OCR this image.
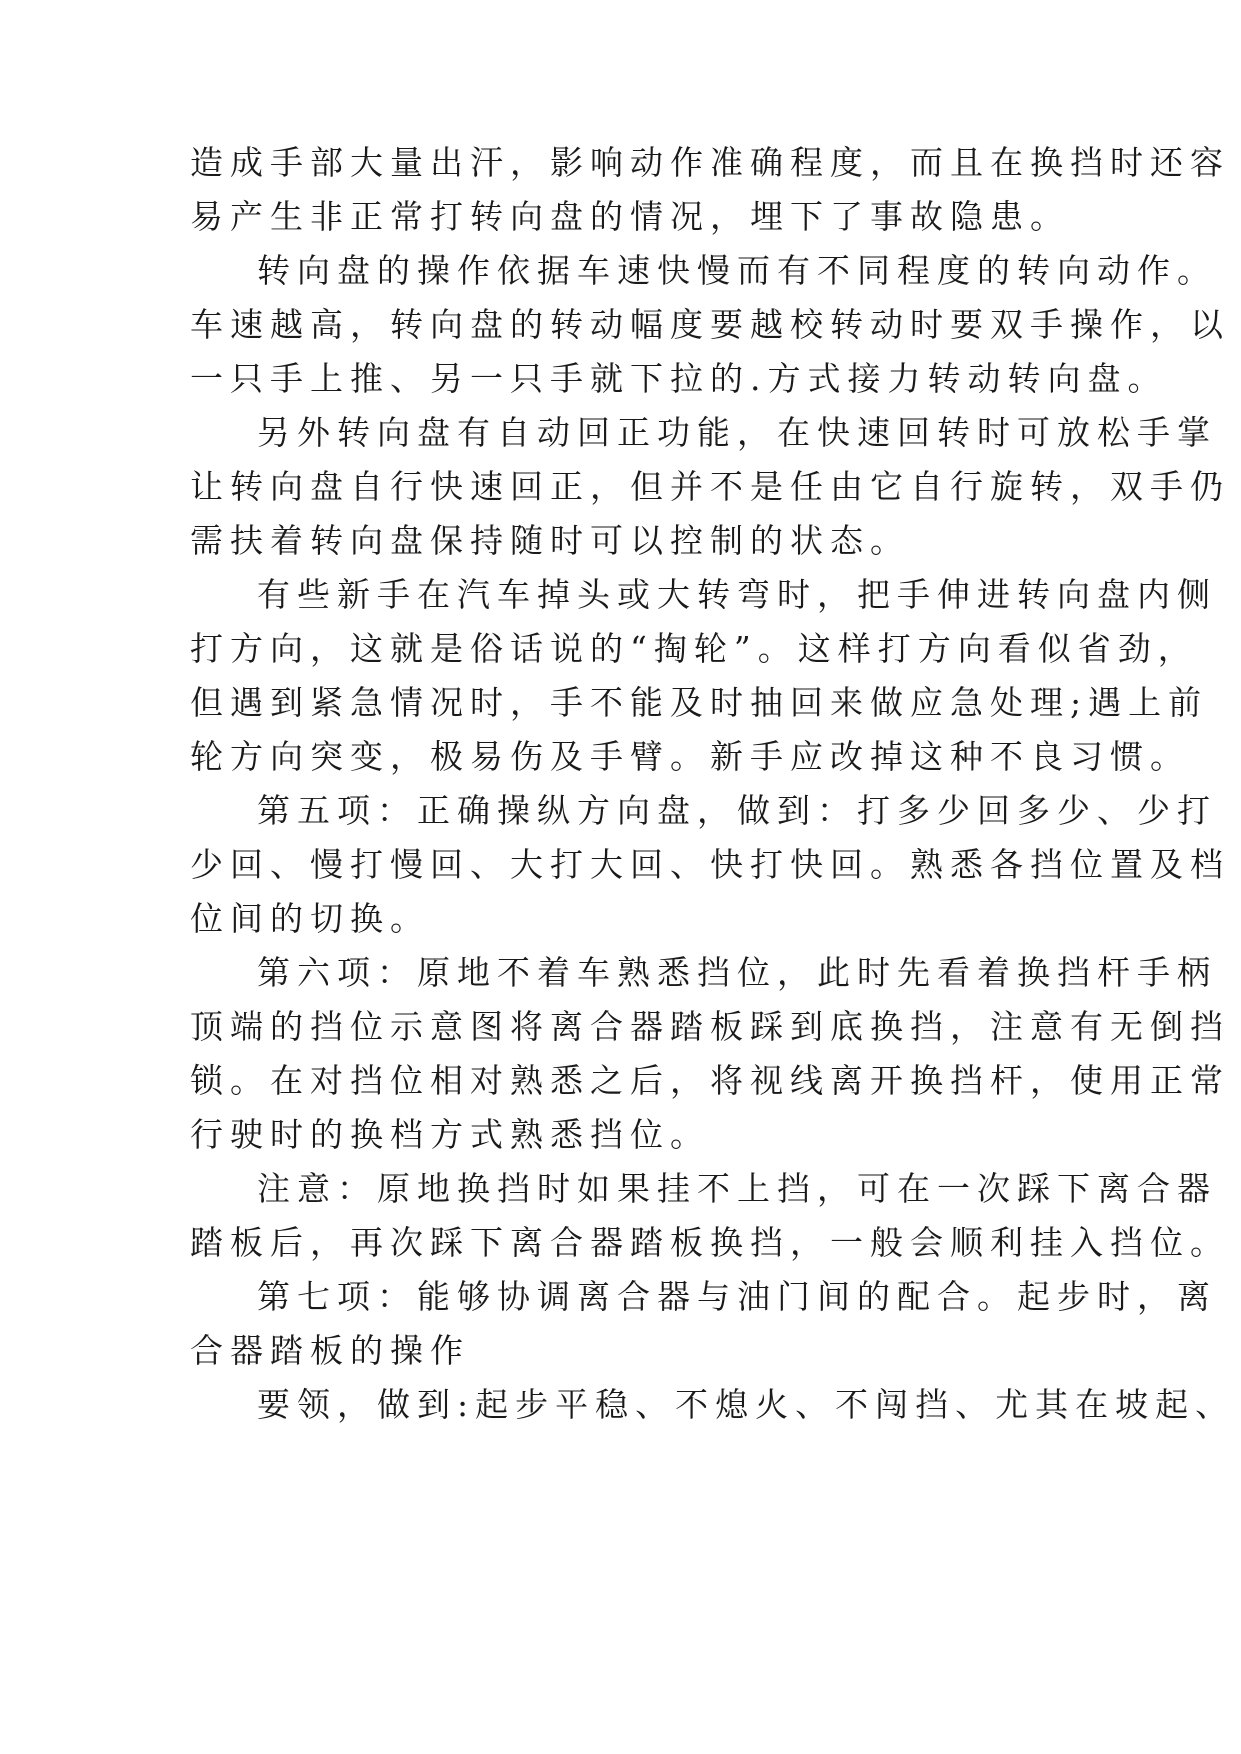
造成手部大量出汗，影响动作准确程度，而且在换挡时还容
易产生非正常打转向盘的情况，埋下了事故隐患。
转向盘的操作依据车速快慢而有不同程度的转向动作。
车速越高，转向盘的转动幅度要越校转动时要双手操作，以
一只手上推、另一只手就下拉的.方式接力转动转向盘。
另外转向盘有自动回正功能，在快速回转时可放松手掌
让转向盘自行快速回正，但并不是任由它自行旋转，双手仍
需扶着转向盘保持随时可以控制的状态。
有些新手在汽车掉头或大转弯时，把手伸进转向盘内侧
打方向，这就是俗话说的“掏轮”。这样打方向看似省劲，
但遇到紧急情况时，手不能及时抽回来做应急处理;遇上前
轮方向突变，极易伤及手臂。新手应改掉这种不良习惯。
第五项：正确操纵方向盘，做到：打多少回多少、少打
少回、慢打慢回、大打大回、快打快回。熟悉各挡位置及档
位间的切换。
第六项：原地不着车熟悉挡位，此时先看着换挡杆手柄
顶端的挡位示意图将离合器踏板踩到底换挡，注意有无倒挡
锁。在对挡位相对熟悉之后，将视线离开换挡杆，使用正常
行驶时的换档方式熟悉挡位。
注意：原地换挡时如果挂不上挡，可在一次踩下离合器
踏板后，再次踩下离合器踏板换挡，一般会顺利挂入挡位。
第七项：能够协调离合器与油门间的配合。起步时，离
合器踏板的操作
要领，做到:起步平稳、不熄火、不闯挡、尤其在坡起、
